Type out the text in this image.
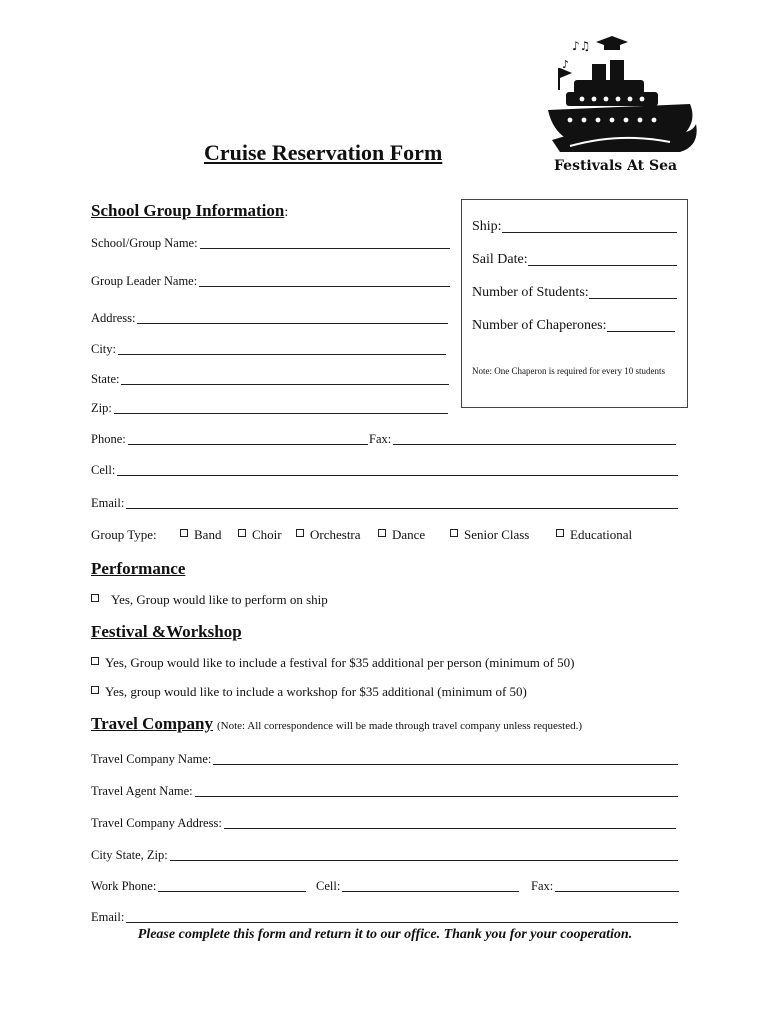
♪♫
♪
Festivals At Sea
Cruise Reservation Form
School Group Information:
School/Group Name:
Group Leader Name:
Address:
City:
State:
Zip:
Ship:
Sail Date:
Number of Students:
Number of Chaperones:
Note: One Chaperon is required for every 10 students
Phone:	Fax:
Cell:
Email:
Group Type:	Band	Choir	Orchestra	Dance	Senior Class	Educational
Performance
Yes, Group would like to perform on ship
Festival &Workshop
Yes, Group would like to include a festival for $35 additional per person (minimum of 50)
Yes, group would like to include a workshop for $35 additional (minimum of 50)
Travel Company (Note: All correspondence will be made through travel company unless requested.)
Travel Company Name:
Travel Agent Name:
Travel Company Address:
City State, Zip:
Work Phone:	Cell:	Fax:
Email:
Please complete this form and return it to our office. Thank you for your cooperation.
